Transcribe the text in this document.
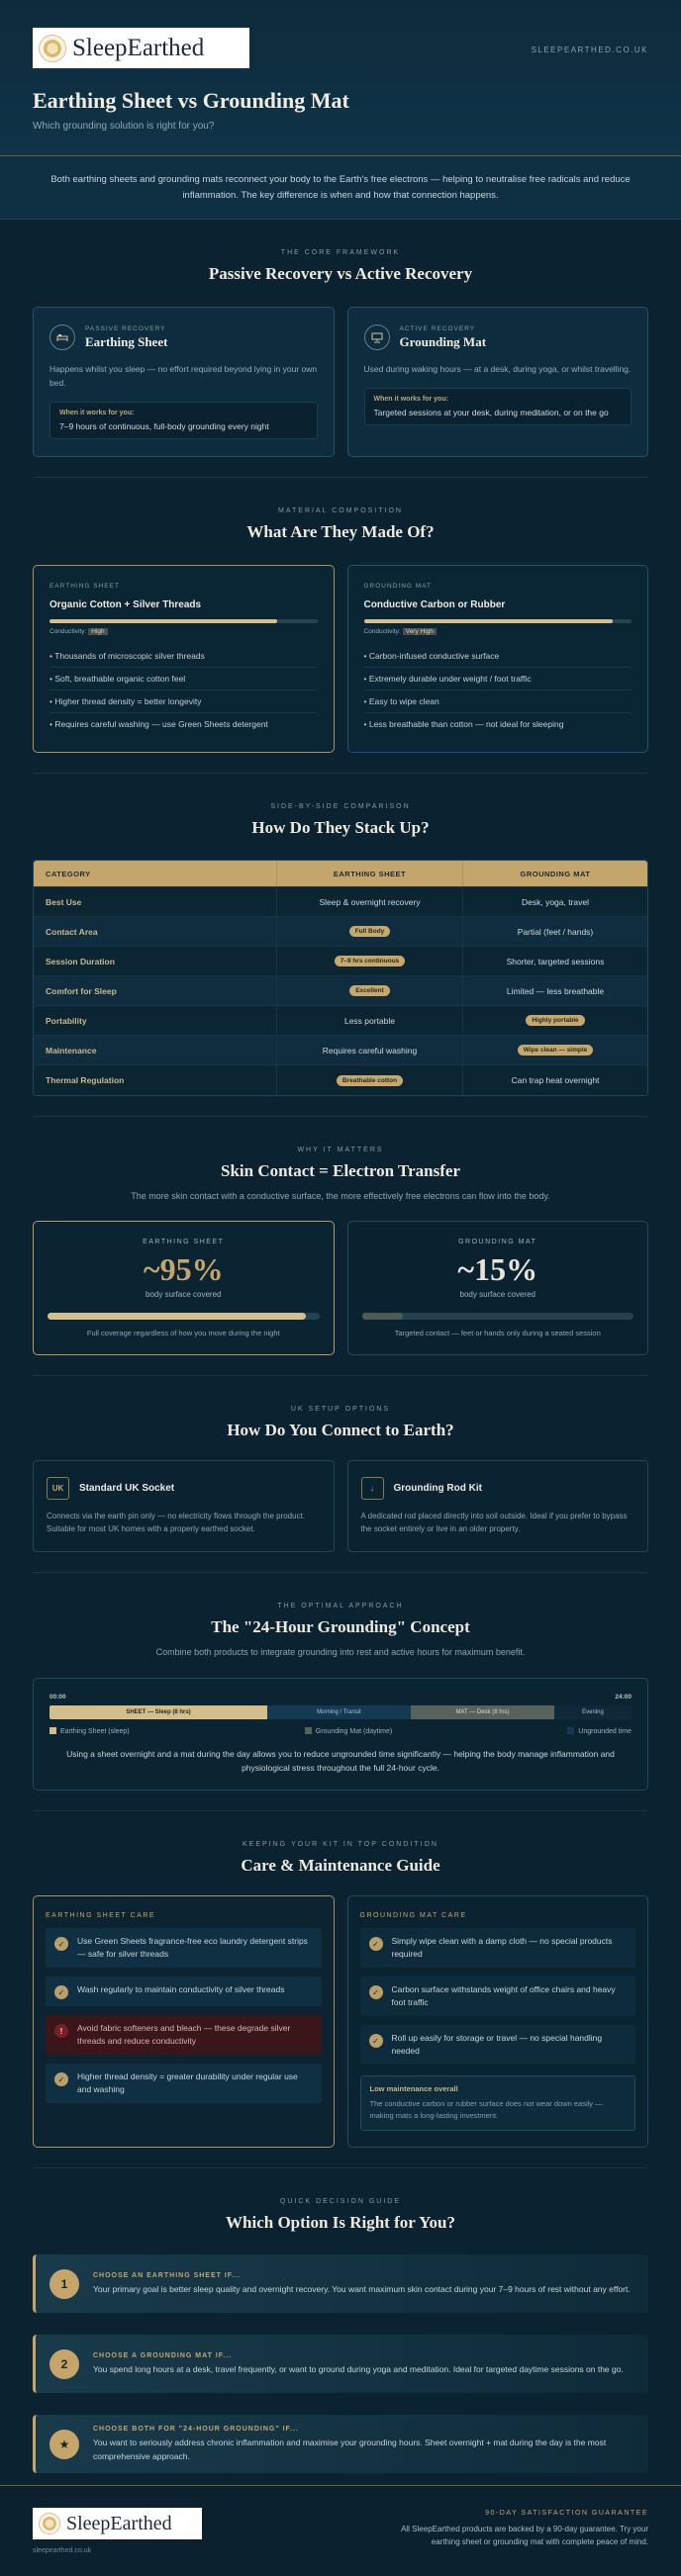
SleepEarthed	SLEEPEARTHED.CO.UK
Earthing Sheet vs Grounding Mat
Which grounding solution is right for you?
Both earthing sheets and grounding mats reconnect your body to the Earth's free electrons — helping to neutralise free radicals and reduce inflammation. The key difference is when and how that connection happens.
THE CORE FRAMEWORK
Passive Recovery vs Active Recovery
PASSIVE RECOVERY
Earthing Sheet
Happens whilst you sleep — no effort required beyond lying in your own bed.
When it works for you:
7–9 hours of continuous, full-body grounding every night
ACTIVE RECOVERY
Grounding Mat
Used during waking hours — at a desk, during yoga, or whilst travelling.
When it works for you:
Targeted sessions at your desk, during meditation, or on the go
MATERIAL COMPOSITION
What Are They Made Of?
EARTHING SHEET
Organic Cotton + Silver Threads
Conductivity: High
• Thousands of microscopic silver threads
• Soft, breathable organic cotton feel
• Higher thread density = better longevity
• Requires careful washing — use Green Sheets detergent
GROUNDING MAT
Conductive Carbon or Rubber
Conductivity: Very High
• Carbon-infused conductive surface
• Extremely durable under weight / foot traffic
• Easy to wipe clean
• Less breathable than cotton — not ideal for sleeping
SIDE-BY-SIDE COMPARISON
How Do They Stack Up?
CATEGORY	EARTHING SHEET	GROUNDING MAT
Best Use	Sleep & overnight recovery	Desk, yoga, travel
Contact Area	Full Body	Partial (feet / hands)
Session Duration	7–9 hrs continuous	Shorter, targeted sessions
Comfort for Sleep	Excellent	Limited — less breathable
Portability	Less portable	Highly portable
Maintenance	Requires careful washing	Wipe clean — simple
Thermal Regulation	Breathable cotton	Can trap heat overnight
WHY IT MATTERS
Skin Contact = Electron Transfer
The more skin contact with a conductive surface, the more effectively free electrons can flow into the body.
EARTHING SHEET
~95%
body surface covered
Full coverage regardless of how you move during the night
GROUNDING MAT
~15%
body surface covered
Targeted contact — feet or hands only during a seated session
UK SETUP OPTIONS
How Do You Connect to Earth?
UK	Standard UK Socket
Connects via the earth pin only — no electricity flows through the product. Suitable for most UK homes with a properly earthed socket.
↓	Grounding Rod Kit
A dedicated rod placed directly into soil outside. Ideal if you prefer to bypass the socket entirely or live in an older property.
THE OPTIMAL APPROACH
The "24-Hour Grounding" Concept
Combine both products to integrate grounding into rest and active hours for maximum benefit.
00:00	24:00
SHEET — Sleep (8 hrs)	Morning / Transit	MAT — Desk (8 hrs)	Evening
Earthing Sheet (sleep)	Grounding Mat (daytime)	Ungrounded time
Using a sheet overnight and a mat during the day allows you to reduce ungrounded time significantly — helping the body manage inflammation and physiological stress throughout the full 24-hour cycle.
KEEPING YOUR KIT IN TOP CONDITION
Care & Maintenance Guide
EARTHING SHEET CARE
✓	Use Green Sheets fragrance-free eco laundry detergent strips — safe for silver threads
✓	Wash regularly to maintain conductivity of silver threads
!	Avoid fabric softeners and bleach — these degrade silver threads and reduce conductivity
✓	Higher thread density = greater durability under regular use and washing
GROUNDING MAT CARE
✓	Simply wipe clean with a damp cloth — no special products required
✓	Carbon surface withstands weight of office chairs and heavy foot traffic
✓	Roll up easily for storage or travel — no special handling needed
Low maintenance overall
The conductive carbon or rubber surface does not wear down easily — making mats a long-lasting investment.
QUICK DECISION GUIDE
Which Option Is Right for You?
1
CHOOSE AN EARTHING SHEET IF...
Your primary goal is better sleep quality and overnight recovery. You want maximum skin contact during your 7–9 hours of rest without any effort.
2
CHOOSE A GROUNDING MAT IF...
You spend long hours at a desk, travel frequently, or want to ground during yoga and meditation. Ideal for targeted daytime sessions on the go.
★
CHOOSE BOTH FOR "24-HOUR GROUNDING" IF...
You want to seriously address chronic inflammation and maximise your grounding hours. Sheet overnight + mat during the day is the most comprehensive approach.
SleepEarthed
sleepearthed.co.uk
90-DAY SATISFACTION GUARANTEE
All SleepEarthed products are backed by a 90-day guarantee. Try your earthing sheet or grounding mat with complete peace of mind.
